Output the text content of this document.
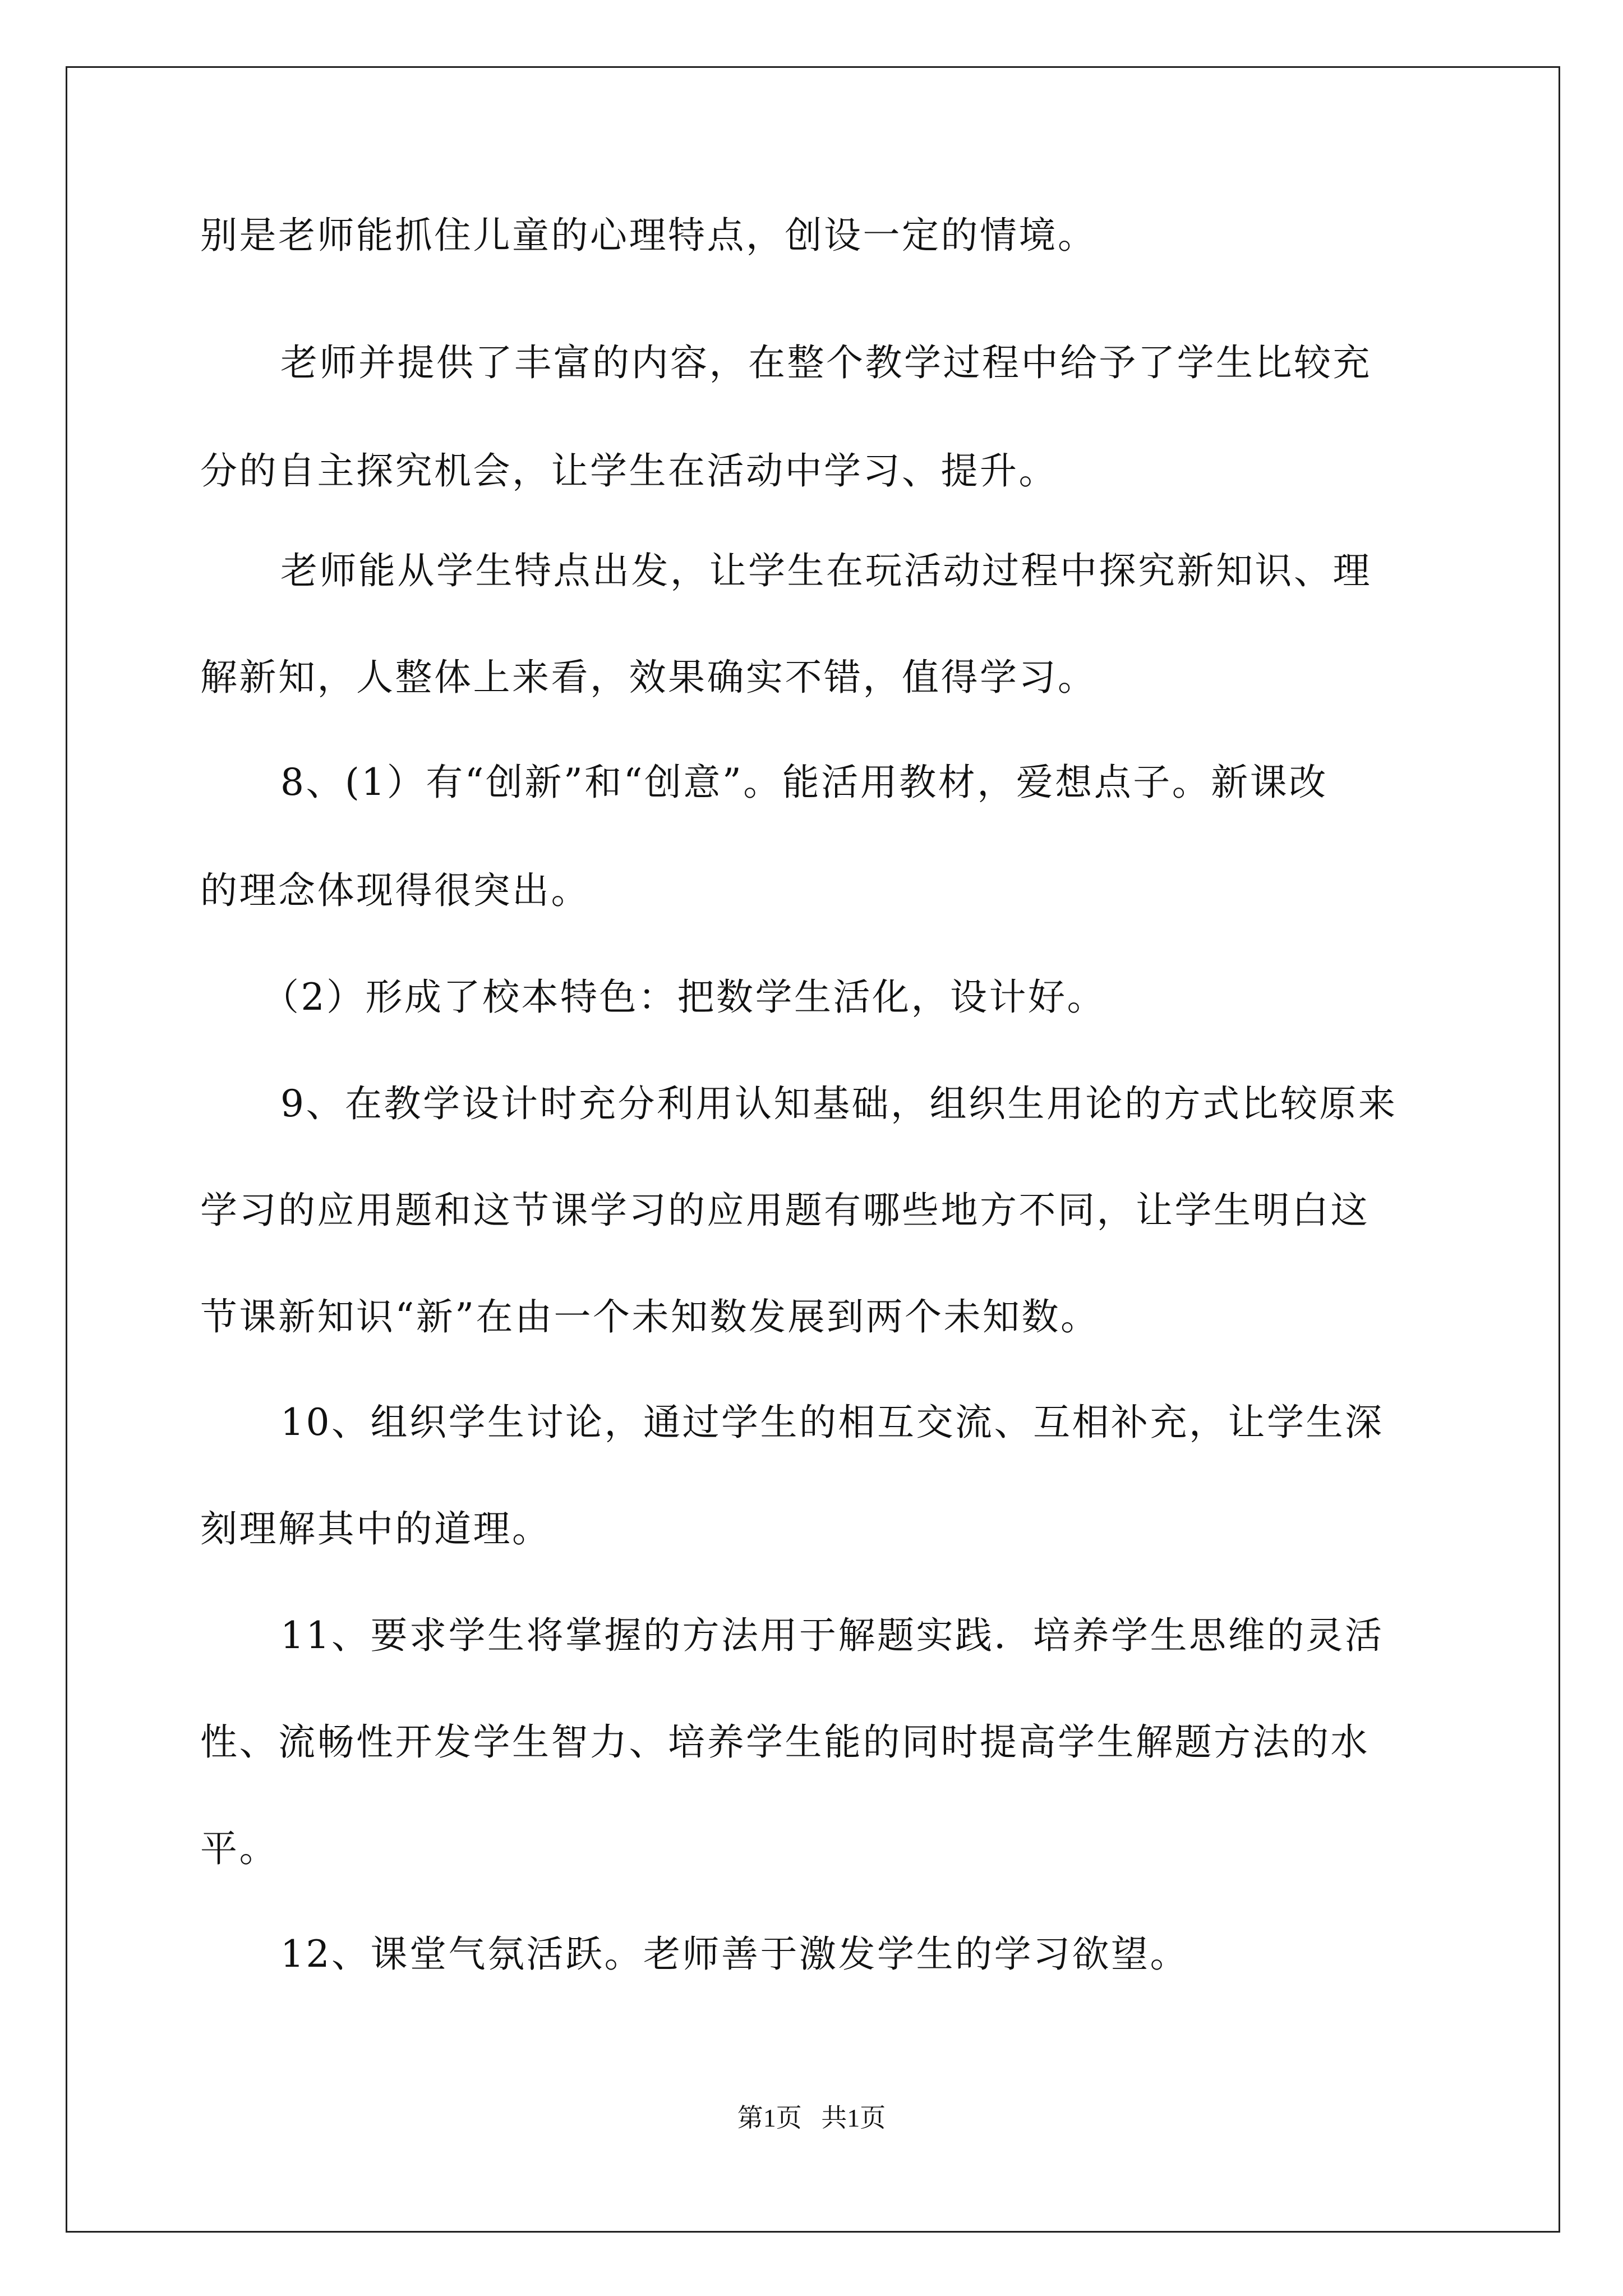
别是老师能抓住儿童的心理特点，创设一定的情境。

老师并提供了丰富的内容，在整个教学过程中给予了学生比较充

分的自主探究机会，让学生在活动中学习、提升。

老师能从学生特点出发，让学生在玩活动过程中探究新知识、理

解新知，人整体上来看，效果确实不错，值得学习。

8、(1）有“创新”和“创意”。能活用教材，爱想点子。新课改

的理念体现得很突出。

（2）形成了校本特色：把数学生活化，设计好。

9、在教学设计时充分利用认知基础，组织生用论的方式比较原来

学习的应用题和这节课学习的应用题有哪些地方不同，让学生明白这

节课新知识“新”在由一个未知数发展到两个未知数。

10、组织学生讨论，通过学生的相互交流、互相补充，让学生深

刻理解其中的道理。

11、要求学生将掌握的方法用于解题实践．培养学生思维的灵活

性、流畅性开发学生智力、培养学生能的同时提高学生解题方法的水

平。

12、课堂气氛活跃。老师善于激发学生的学习欲望。

第1页   共1页
